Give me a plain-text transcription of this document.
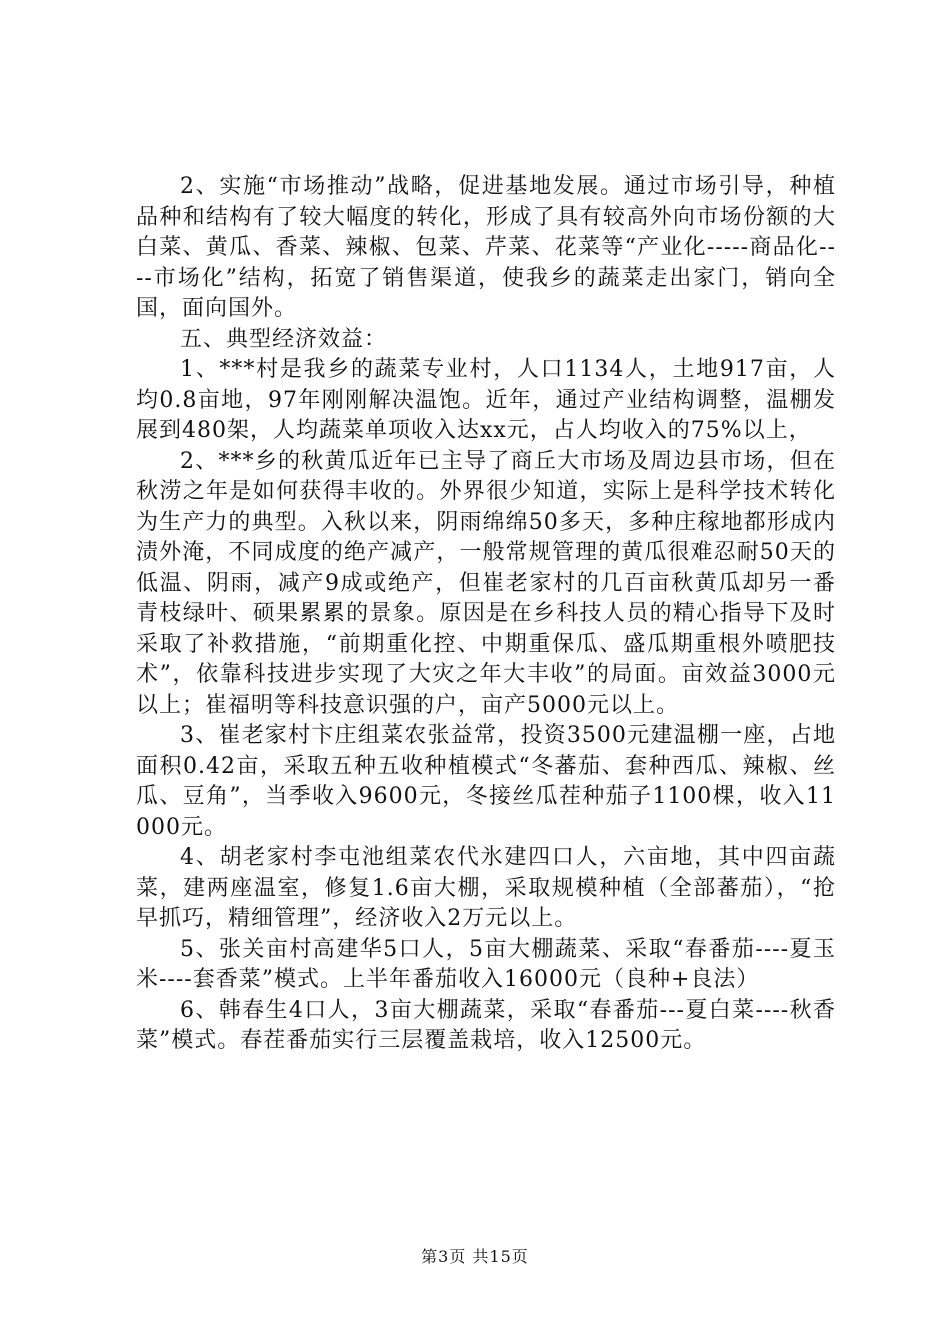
2、实施“市场推动”战略，促进基地发展。通过市场引导，种植品种和结构有了较大幅度的转化，形成了具有较高外向市场份额的大白菜、黄瓜、香菜、辣椒、包菜、芹菜、花菜等“产业化-----商品化----市场化”结构，拓宽了销售渠道，使我乡的蔬菜走出家门，销向全国，面向国外。

五、典型经济效益：

1、***村是我乡的蔬菜专业村，人口1134人，土地917亩，人均0.8亩地，97年刚刚解决温饱。近年，通过产业结构调整，温棚发展到480架，人均蔬菜单项收入达xx元，占人均收入的75%以上，

2、***乡的秋黄瓜近年已主导了商丘大市场及周边县市场，但在秋涝之年是如何获得丰收的。外界很少知道，实际上是科学技术转化为生产力的典型。入秋以来，阴雨绵绵50多天，多种庄稼地都形成内渍外淹，不同成度的绝产减产，一般常规管理的黄瓜很难忍耐50天的低温、阴雨，减产9成或绝产，但崔老家村的几百亩秋黄瓜却另一番青枝绿叶、硕果累累的景象。原因是在乡科技人员的精心指导下及时采取了补救措施，“前期重化控、中期重保瓜、盛瓜期重根外喷肥技术”，依靠科技进步实现了大灾之年大丰收”的局面。亩效益3000元以上；崔福明等科技意识强的户，亩产5000元以上。

3、崔老家村卞庄组菜农张益常，投资3500元建温棚一座，占地面积0.42亩，采取五种五收种植模式“冬蕃茄、套种西瓜、辣椒、丝瓜、豆角”，当季收入9600元，冬接丝瓜茬种茄子1100棵，收入11000元。

4、胡老家村李屯池组菜农代氷建四口人，六亩地，其中四亩蔬菜，建两座温室，修复1.6亩大棚，采取规模种植（全部蕃茄），“抢早抓巧，精细管理”，经济收入2万元以上。

5、张关亩村高建华5口人，5亩大棚蔬菜、采取“春番茄----夏玉米----套香菜”模式。上半年番茄收入16000元（良种+良法）

6、韩春生4口人，3亩大棚蔬菜，采取“春番茄---夏白菜----秋香菜”模式。春茬番茄实行三层覆盖栽培，收入12500元。

第3页 共15页
